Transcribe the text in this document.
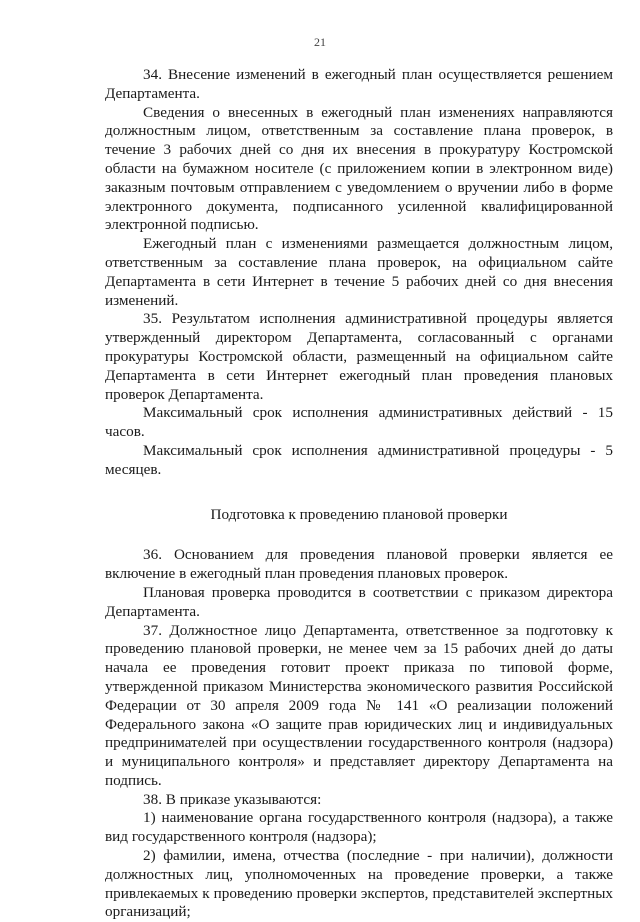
21

34. Внесение изменений в ежегодный план осуществляется решением Департамента.

Сведения о внесенных в ежегодный план изменениях направляются должностным лицом, ответственным за составление плана проверок, в течение 3 рабочих дней со дня их внесения в прокуратуру Костромской области на бумажном носителе (с приложением копии в электронном виде) заказным почтовым отправлением с уведомлением о вручении либо в форме электронного документа, подписанного усиленной квалифицированной электронной подписью.

Ежегодный план с изменениями размещается должностным лицом, ответственным за составление плана проверок, на официальном сайте Департамента в сети Интернет в течение 5 рабочих дней со дня внесения изменений.

35. Результатом исполнения административной процедуры является утвержденный директором Департамента, согласованный с органами прокуратуры Костромской области, размещенный на официальном сайте Департамента в сети Интернет ежегодный план проведения плановых проверок Департамента.

Максимальный срок исполнения административных действий - 15 часов.

Максимальный срок исполнения административной процедуры - 5 месяцев.

Подготовка к проведению плановой проверки

36. Основанием для проведения плановой проверки является ее включение в ежегодный план проведения плановых проверок.

Плановая проверка проводится в соответствии с приказом директора Департамента.

37. Должностное лицо Департамента, ответственное за подготовку к проведению плановой проверки, не менее чем за 15 рабочих дней до даты начала ее проведения готовит проект приказа по типовой форме, утвержденной приказом Министерства экономического развития Российской Федерации от 30 апреля 2009 года № 141 «О реализации положений Федерального закона «О защите прав юридических лиц и индивидуальных предпринимателей при осуществлении государственного контроля (надзора) и муниципального контроля» и представляет директору Департамента на подпись.

38. В приказе указываются:

1) наименование органа государственного контроля (надзора), а также вид государственного контроля (надзора);

2) фамилии, имена, отчества (последние - при наличии), должности должностных лиц, уполномоченных на проведение проверки, а также привлекаемых к проведению проверки экспертов, представителей экспертных организаций;
